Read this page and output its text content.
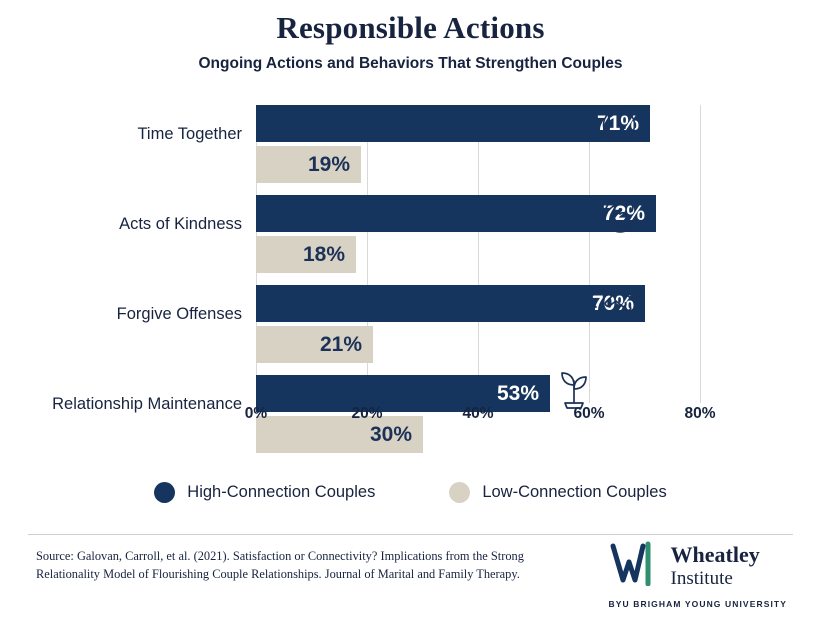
Responsible Actions
Ongoing Actions and Behaviors That Strengthen Couples
Time Together	71%
19%
Acts of Kindness	72%
18%
Forgive Offenses	70%
21%
Relationship Maintenance	53%
30%
0%	20%	40%	60%	80%
High-Connection Couples	Low-Connection Couples
Source: Galovan, Carroll, et al. (2021). Satisfaction or Connectivity? Implications from the Strong
Relationality Model of Flourishing Couple Relationships. Journal of Marital and Family Therapy.
Wheatley
Institute
BYU BRIGHAM YOUNG UNIVERSITY
